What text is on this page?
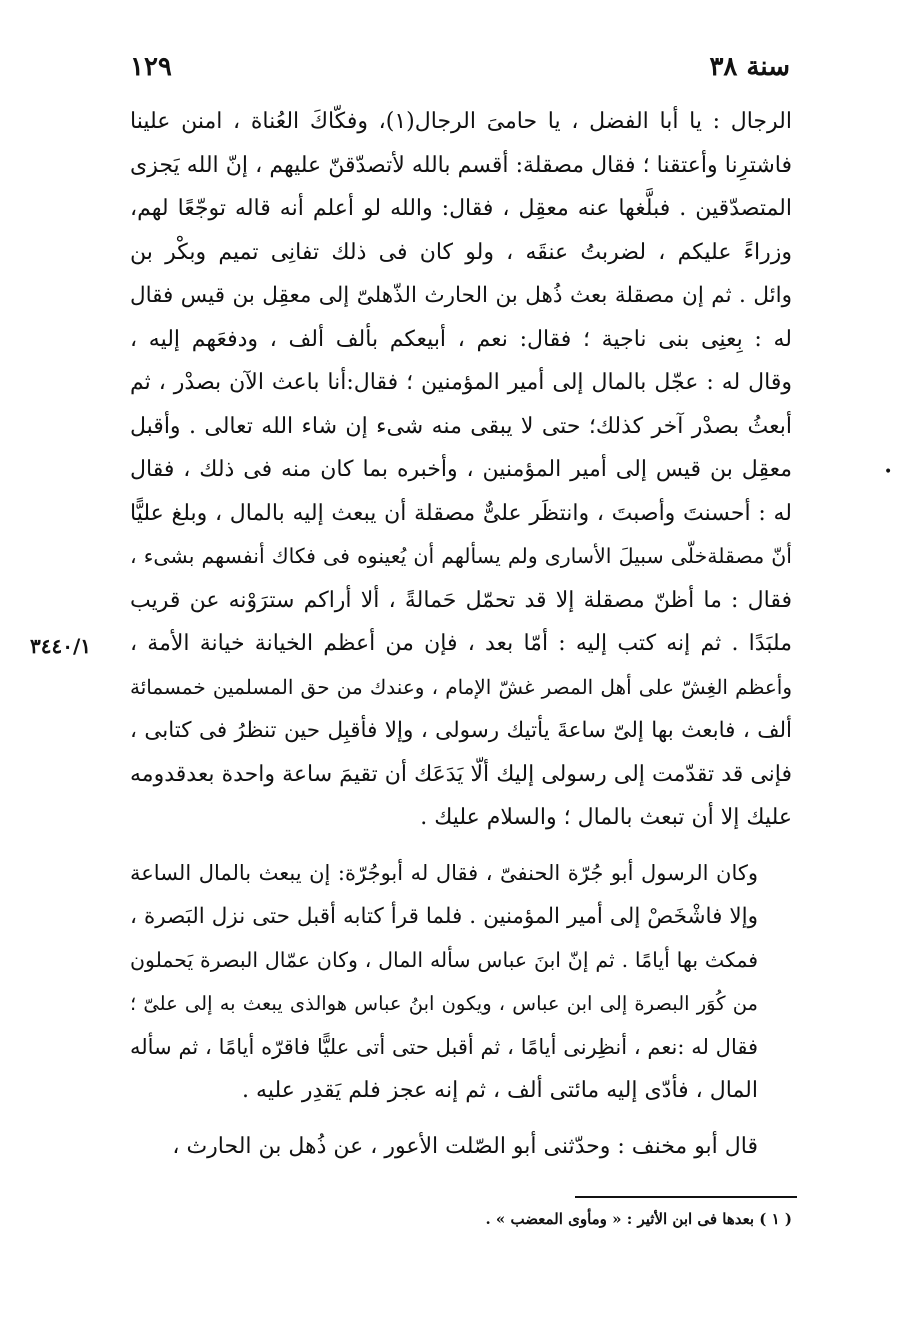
سنة ٣٨
١٢٩
٣٤٤٠/١
•
الرجال : يا أبا الفضل ، يا حامىَ الرجال(١)، وفكّاكَ العُناة ، امنن علينا
فاشترِنا وأعتقنا ؛ فقال مصقلة: أقسم بالله لأتصدّقنّ عليهم ، إنّ الله يَجزى
المتصدّقين . فبلَّغها عنه معقِل ، فقال: والله لو أعلم أنه قاله توجّعًا لهم،
وزراءً عليكم ، لضربتُ عنقَه ، ولو كان فى ذلك تفانِى تميم وبكْر بن
وائل . ثم إن مصقلة بعث ذُهل بن الحارث الذّهلىّ إلى معقِل بن قيس فقال
له : بِعنِى بنى ناجية ؛ فقال: نعم ، أبيعكم بألف ألف ، ودفعَهم إليه ،
وقال له : عجّل بالمال إلى أمير المؤمنين ؛ فقال:أنا باعث الآن بصدْر ، ثم
أبعثُ بصدْر آخر كذلك؛ حتى لا يبقى منه شىء إن شاء الله تعالى . وأقبل
معقِل بن قيس إلى أمير المؤمنين ، وأخبره بما كان منه فى ذلك ، فقال
له : أحسنتَ وأصبتَ ، وانتظَر علىٌّ مصقلة أن يبعث إليه بالمال ، وبلغ عليًّا
أنّ مصقلةخلّى سبيلَ الأسارى ولم يسألهم أن يُعينوه فى فكاك أنفسهم بشىء ،
فقال : ما أظنّ مصقلة إلا قد تحمّل حَمالةً ، ألا أراكم سترَوْنه عن قريب
ملبَدًا . ثم إنه كتب إليه : أمّا بعد ، فإن من أعظم الخيانة خيانة الأمة ،
وأعظم الغِشّ على أهل المصر غشّ الإمام ، وعندك من حق المسلمين خمسمائة
ألف ، فابعث بها إلىّ ساعةَ يأتيك رسولى ، وإلا فأقبِل حين تنظرُ فى كتابى ،
فإنى قد تقدّمت إلى رسولى إليك ألّا يَدَعَك أن تقيمَ ساعة واحدة بعدقدومه
عليك إلا أن تبعث بالمال ؛ والسلام عليك .
وكان الرسول أبو جُرّة الحنفىّ ، فقال له أبوجُرّة: إن يبعث بالمال الساعة
وإلا فاشْخَصْ إلى أمير المؤمنين . فلما قرأ كتابه أقبل حتى نزل البَصرة ،
فمكث بها أيامًا . ثم إنّ ابنَ عباس سأله المال ، وكان عمّال البصرة يَحملون
من كُوَر البصرة إلى ابن عباس ، ويكون ابنُ عباس هوالذى يبعث به إلى علىّ ؛
فقال له :نعم ، أنظِرنى أيامًا ، ثم أقبل حتى أتى عليًّا فاقرّه أيامًا ، ثم سأله
المال ، فأدّى إليه مائتى ألف ، ثم إنه عجز فلم يَقدِر عليه .
قال أبو مخنف : وحدّثنى أبو الصّلت الأعور ، عن ذُهل بن الحارث ،
( ١ ) بعدها فى ابن الأثير : « ومأوى المعضب » .
